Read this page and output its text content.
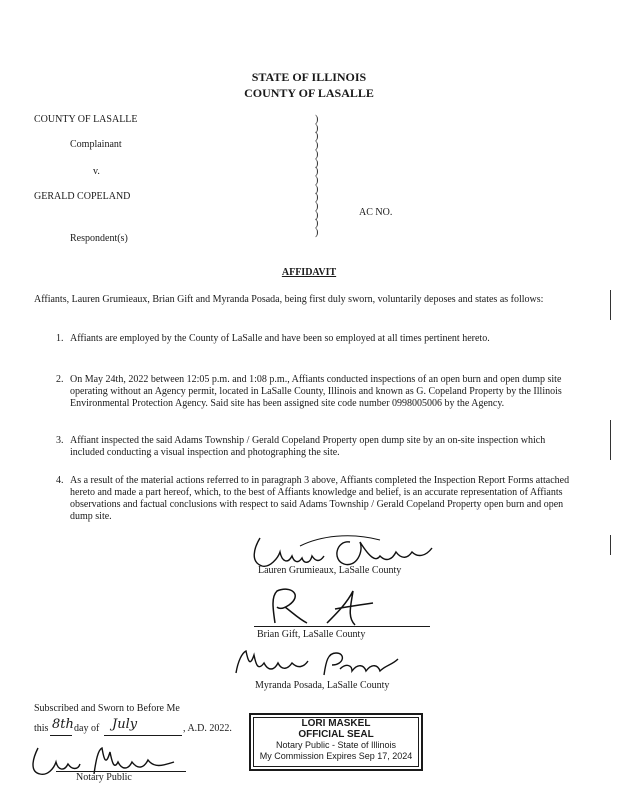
STATE OF ILLINOIS
COUNTY OF LASALLE
COUNTY OF LASALLE
Complainant
v.
GERALD COPELAND
Respondent(s)
)
)
)
)
)
)
)
)
)
)
)
)
)
)
AC NO.
AFFIDAVIT
Affiants, Lauren Grumieaux, Brian Gift and Myranda Posada, being first duly sworn, voluntarily deposes and states as follows:
1. Affiants are employed by the County of LaSalle and have been so employed at all times pertinent hereto.
2. On May 24th, 2022 between 12:05 p.m. and 1:08 p.m., Affiants conducted inspections of an open burn and open dump site operating without an Agency permit, located in LaSalle County, Illinois and known as G. Copeland Property by the Illinois Environmental Protection Agency. Said site has been assigned site code number 0998005006 by the Agency.
3. Affiant inspected the said Adams Township / Gerald Copeland Property open dump site by an on-site inspection which included conducting a visual inspection and photographing the site.
4. As a result of the material actions referred to in paragraph 3 above, Affiants completed the Inspection Report Forms attached hereto and made a part hereof, which, to the best of Affiants knowledge and belief, is an accurate representation of Affiants observations and factual conclusions with respect to said Adams Township / Gerald Copeland Property open burn and open dump site.
Lauren Grumieaux, LaSalle County
Brian Gift, LaSalle County
Myranda Posada, LaSalle County
Subscribed and Sworn to Before Me
this 8th day of July	, A.D. 2022.
Notary Public
LORI MASKEL
OFFICIAL SEAL
Notary Public - State of Illinois
My Commission Expires Sep 17, 2024
